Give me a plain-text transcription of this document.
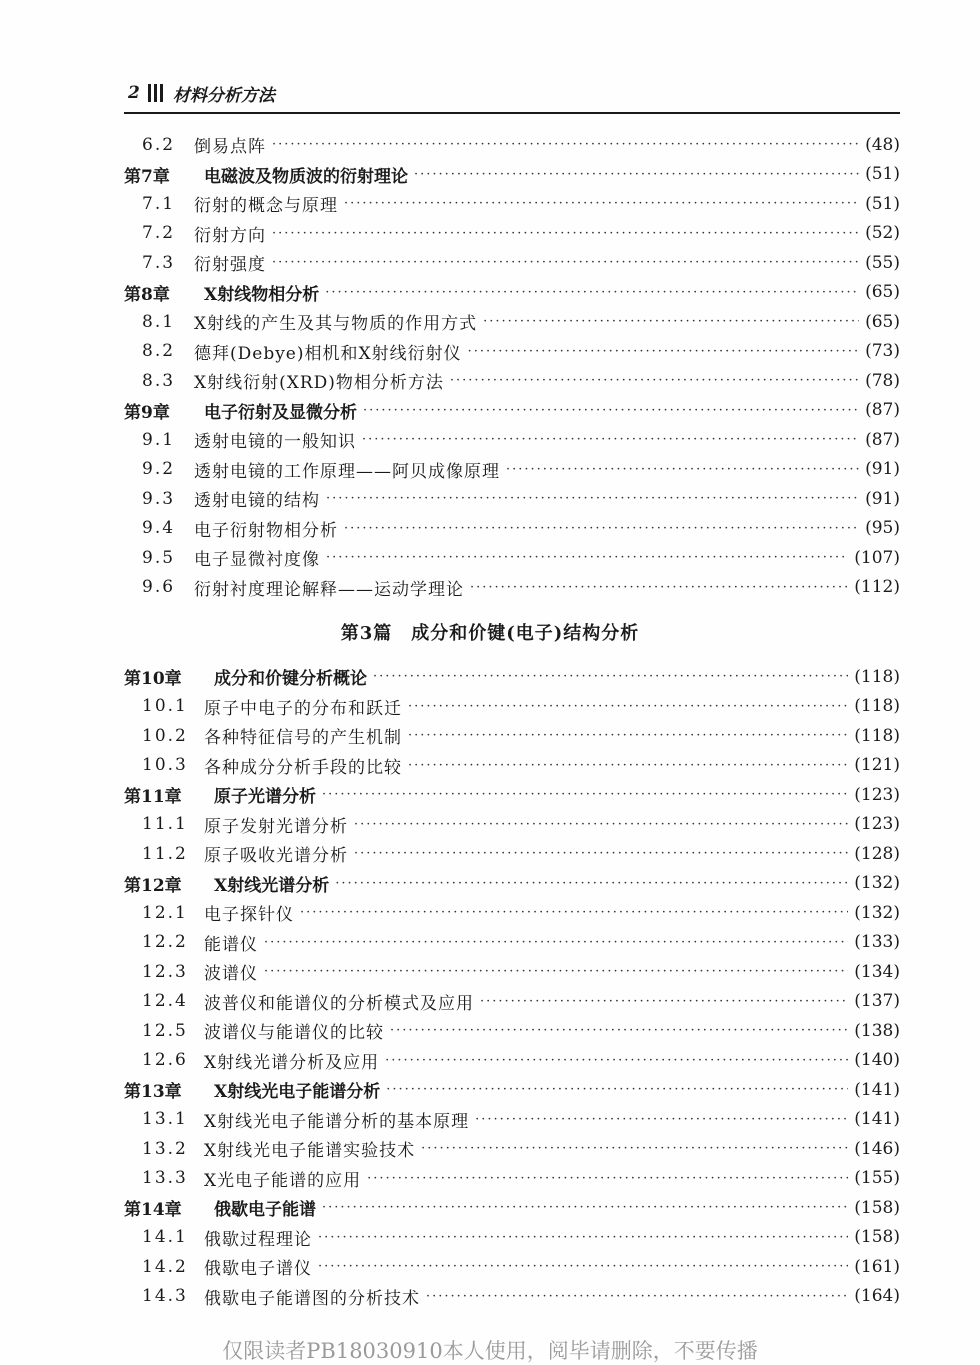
2 材料分析方法
6.2	倒易点阵 ·····	(48)
第7章	电磁波及物质波的衍射理论 ·····	(51)
7.1	衍射的概念与原理 ·····	(51)
7.2	衍射方向 ·····	(52)
7.3	衍射强度 ·····	(55)
第8章	X射线物相分析 ·····	(65)
8.1	X射线的产生及其与物质的作用方式 ·····	(65)
8.2	德拜(Debye)相机和X射线衍射仪 ·····	(73)
8.3	X射线衍射(XRD)物相分析方法 ·····	(78)
第9章	电子衍射及显微分析 ·····	(87)
9.1	透射电镜的一般知识 ·····	(87)
9.2	透射电镜的工作原理——阿贝成像原理 ·····	(91)
9.3	透射电镜的结构 ·····	(91)
9.4	电子衍射物相分析 ·····	(95)
9.5	电子显微衬度像 ·····	(107)
9.6	衍射衬度理论解释——运动学理论 ·····	(112)
第3篇　成分和价键(电子)结构分析
第10章	成分和价键分析概论 ·····	(118)
10.1 原子中电子的分布和跃迁 ·····	(118)
10.2 各种特征信号的产生机制 ·····	(118)
10.3 各种成分分析手段的比较 ·····	(121)
第11章	原子光谱分析 ·····	(123)
11.1 原子发射光谱分析 ·····	(123)
11.2 原子吸收光谱分析 ·····	(128)
第12章	X射线光谱分析 ·····	(132)
12.1 电子探针仪 ·····	(132)
12.2 能谱仪 ·····	(133)
12.3 波谱仪 ·····	(134)
12.4 波普仪和能谱仪的分析模式及应用 ·····	(137)
12.5 波谱仪与能谱仪的比较 ·····	(138)
12.6 X射线光谱分析及应用 ·····	(140)
第13章	X射线光电子能谱分析 ·····	(141)
13.1 X射线光电子能谱分析的基本原理 ·····	(141)
13.2 X射线光电子能谱实验技术 ·····	(146)
13.3 X光电子能谱的应用 ·····	(155)
第14章	俄歇电子能谱 ·····	(158)
14.1 俄歇过程理论 ·····	(158)
14.2 俄歇电子谱仪 ·····	(161)
14.3 俄歇电子能谱图的分析技术 ·····	(164)
仅限读者PB18030910本人使用，阅毕请删除，不要传播
